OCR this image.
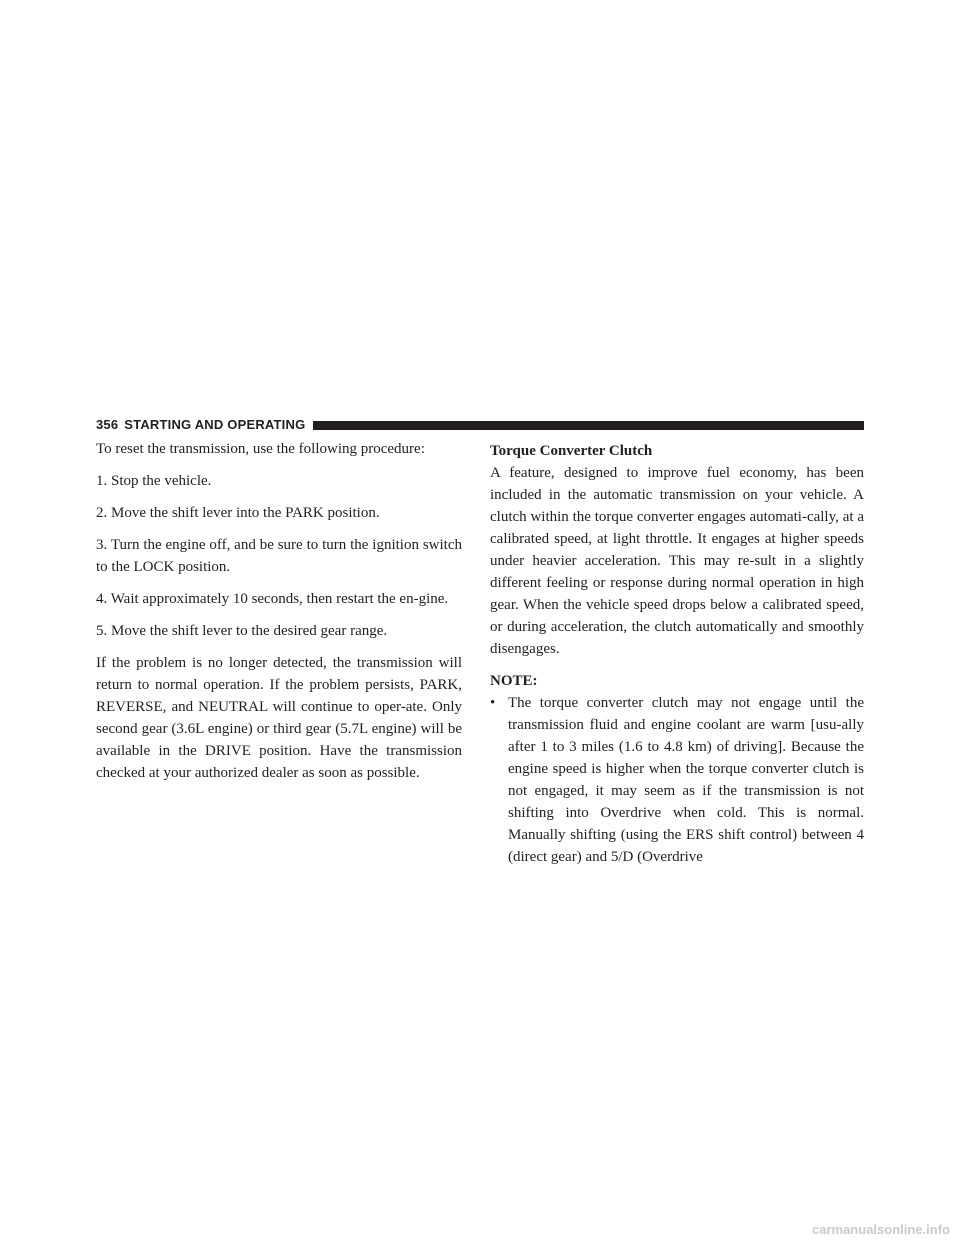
356 STARTING AND OPERATING

To reset the transmission, use the following procedure:

1. Stop the vehicle.

2. Move the shift lever into the PARK position.

3. Turn the engine off, and be sure to turn the ignition switch to the LOCK position.

4. Wait approximately 10 seconds, then restart the en-gine.

5. Move the shift lever to the desired gear range.

If the problem is no longer detected, the transmission will return to normal operation. If the problem persists, PARK, REVERSE, and NEUTRAL will continue to oper-ate. Only second gear (3.6L engine) or third gear (5.7L engine) will be available in the DRIVE position. Have the transmission checked at your authorized dealer as soon as possible.

Torque Converter Clutch

A feature, designed to improve fuel economy, has been included in the automatic transmission on your vehicle. A clutch within the torque converter engages automati-cally, at a calibrated speed, at light throttle. It engages at higher speeds under heavier acceleration. This may re-sult in a slightly different feeling or response during normal operation in high gear. When the vehicle speed drops below a calibrated speed, or during acceleration, the clutch automatically and smoothly disengages.

NOTE:
• The torque converter clutch may not engage until the transmission fluid and engine coolant are warm [usu-ally after 1 to 3 miles (1.6 to 4.8 km) of driving]. Because the engine speed is higher when the torque converter clutch is not engaged, it may seem as if the transmission is not shifting into Overdrive when cold. This is normal. Manually shifting (using the ERS shift control) between 4 (direct gear) and 5/D (Overdrive
carmanualsonline.info
